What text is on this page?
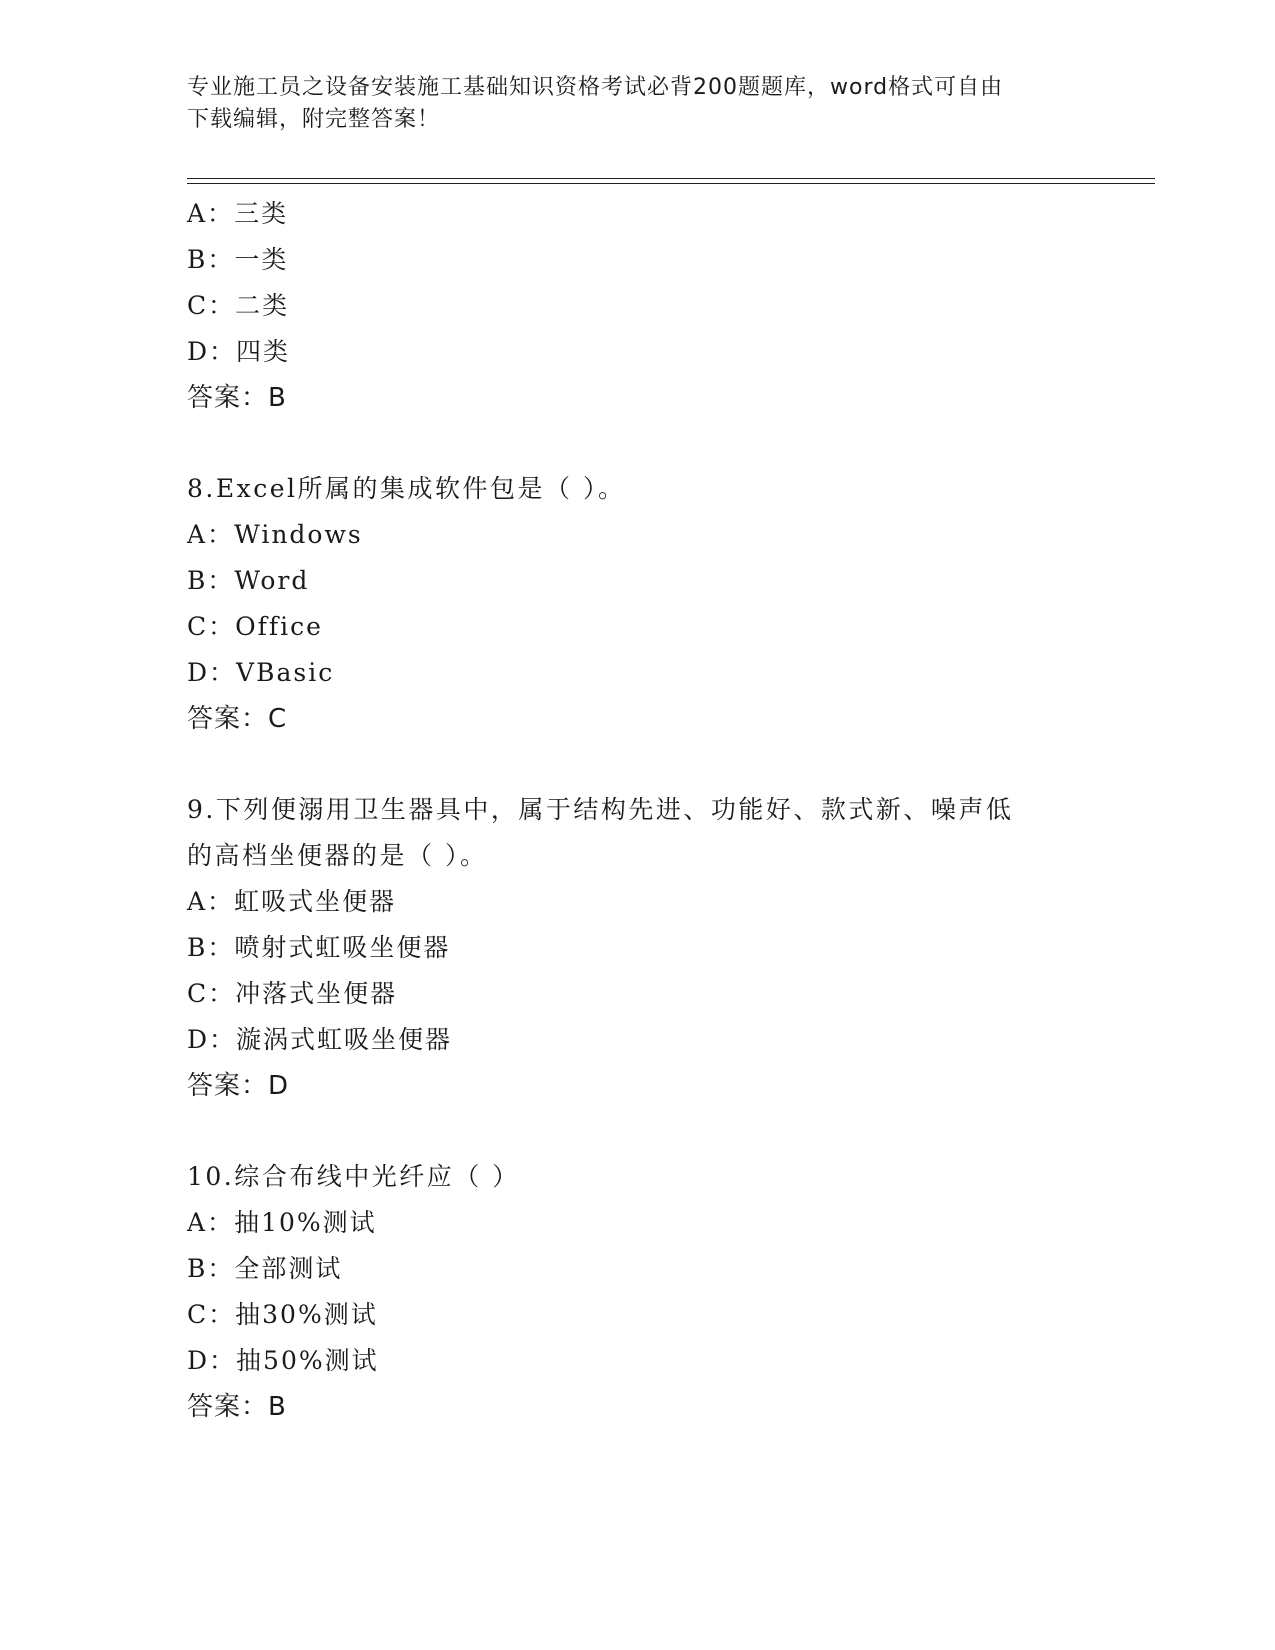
专业施工员之设备安装施工基础知识资格考试必背200题题库，word格式可自由
下载编辑，附完整答案！
A：三类
B：一类
C：二类
D：四类
答案：B
8.Excel所属的集成软件包是（ ）。
A：Windows
B：Word
C：Office
D：VBasic
答案：C
9.下列便溺用卫生器具中，属于结构先进、功能好、款式新、噪声低
的高档坐便器的是（ ）。
A：虹吸式坐便器
B：喷射式虹吸坐便器
C：冲落式坐便器
D：漩涡式虹吸坐便器
答案：D
10.综合布线中光纤应（ ）
A：抽10%测试
B：全部测试
C：抽30%测试
D：抽50%测试
答案：B
